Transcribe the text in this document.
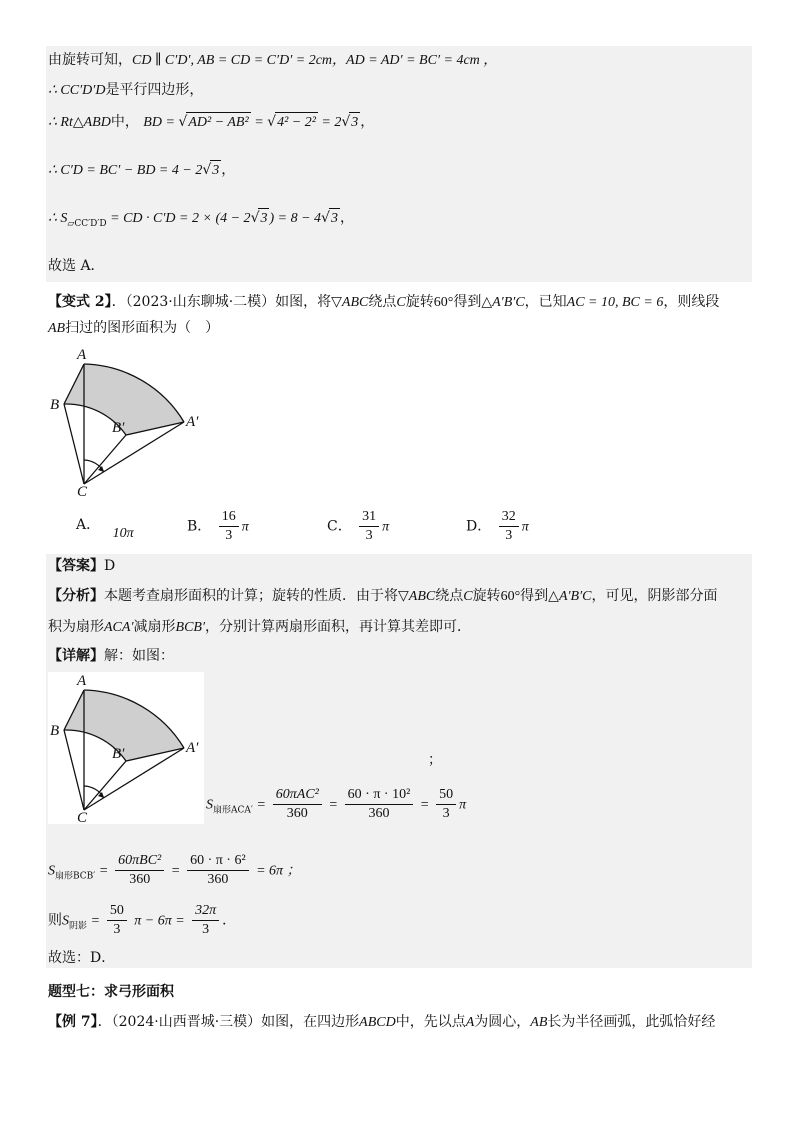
由旋转可知，CD ∥ C′D′, AB = CD = C′D′ = 2cm，AD = AD′ = BC′ = 4cm ，
∴ CC′D′D是平行四边形，
∴ Rt△ABD中， BD = √AD² − AB² = √4² − 2² = 2√3 ，
∴ C′D = BC′ − BD = 4 − 2√3 ，
∴ $S_{▱CC'D'D}$ = CD · C′D = 2 × (4 − 2√3 ) = 8 − 4√3 ，
故选 A．
【变式 2】．（2023·山东聊城·二模）如图，将▽ABC绕点C旋转60°得到△A′B′C，已知AC = 10, BC = 6，则线段
AB扫过的图形面积为（　）
A
B
B′	A′
C
A． 10π	B． $\frac{16}{3}$ π	C． $\frac{31}{3}$ π	D． $\frac{32}{3}$ π
【答案】D
【分析】本题考查扇形面积的计算；旋转的性质．由于将▽ABC绕点C旋转60°得到△A′B′C，可见，阴影部分面
积为扇形ACA′减扇形BCB′，分别计算两扇形面积，再计算其差即可．
【详解】解：如图：
A
B
B′	A′
C
；
$S_{扇形ACA'} = \frac{\text{60πAC²}}{360} = \frac{\text{60 · π · 10²}}{360} = \frac{50}{3}$ π
$S_{扇形BCB'} = \frac{\text{60πBC²}}{360} = \frac{\text{60 · π · 6²}}{360} = 6\pi$ ；
则$S_{阴影} = \frac{50}{3}$ $\pi - 6\pi = \frac{32\pi}{3}$ ．
故选：D．
题型七：求弓形面积
【例 7】．（2024·山西晋城·三模）如图，在四边形ABCD中，先以点A为圆心，AB长为半径画弧，此弧恰好经
